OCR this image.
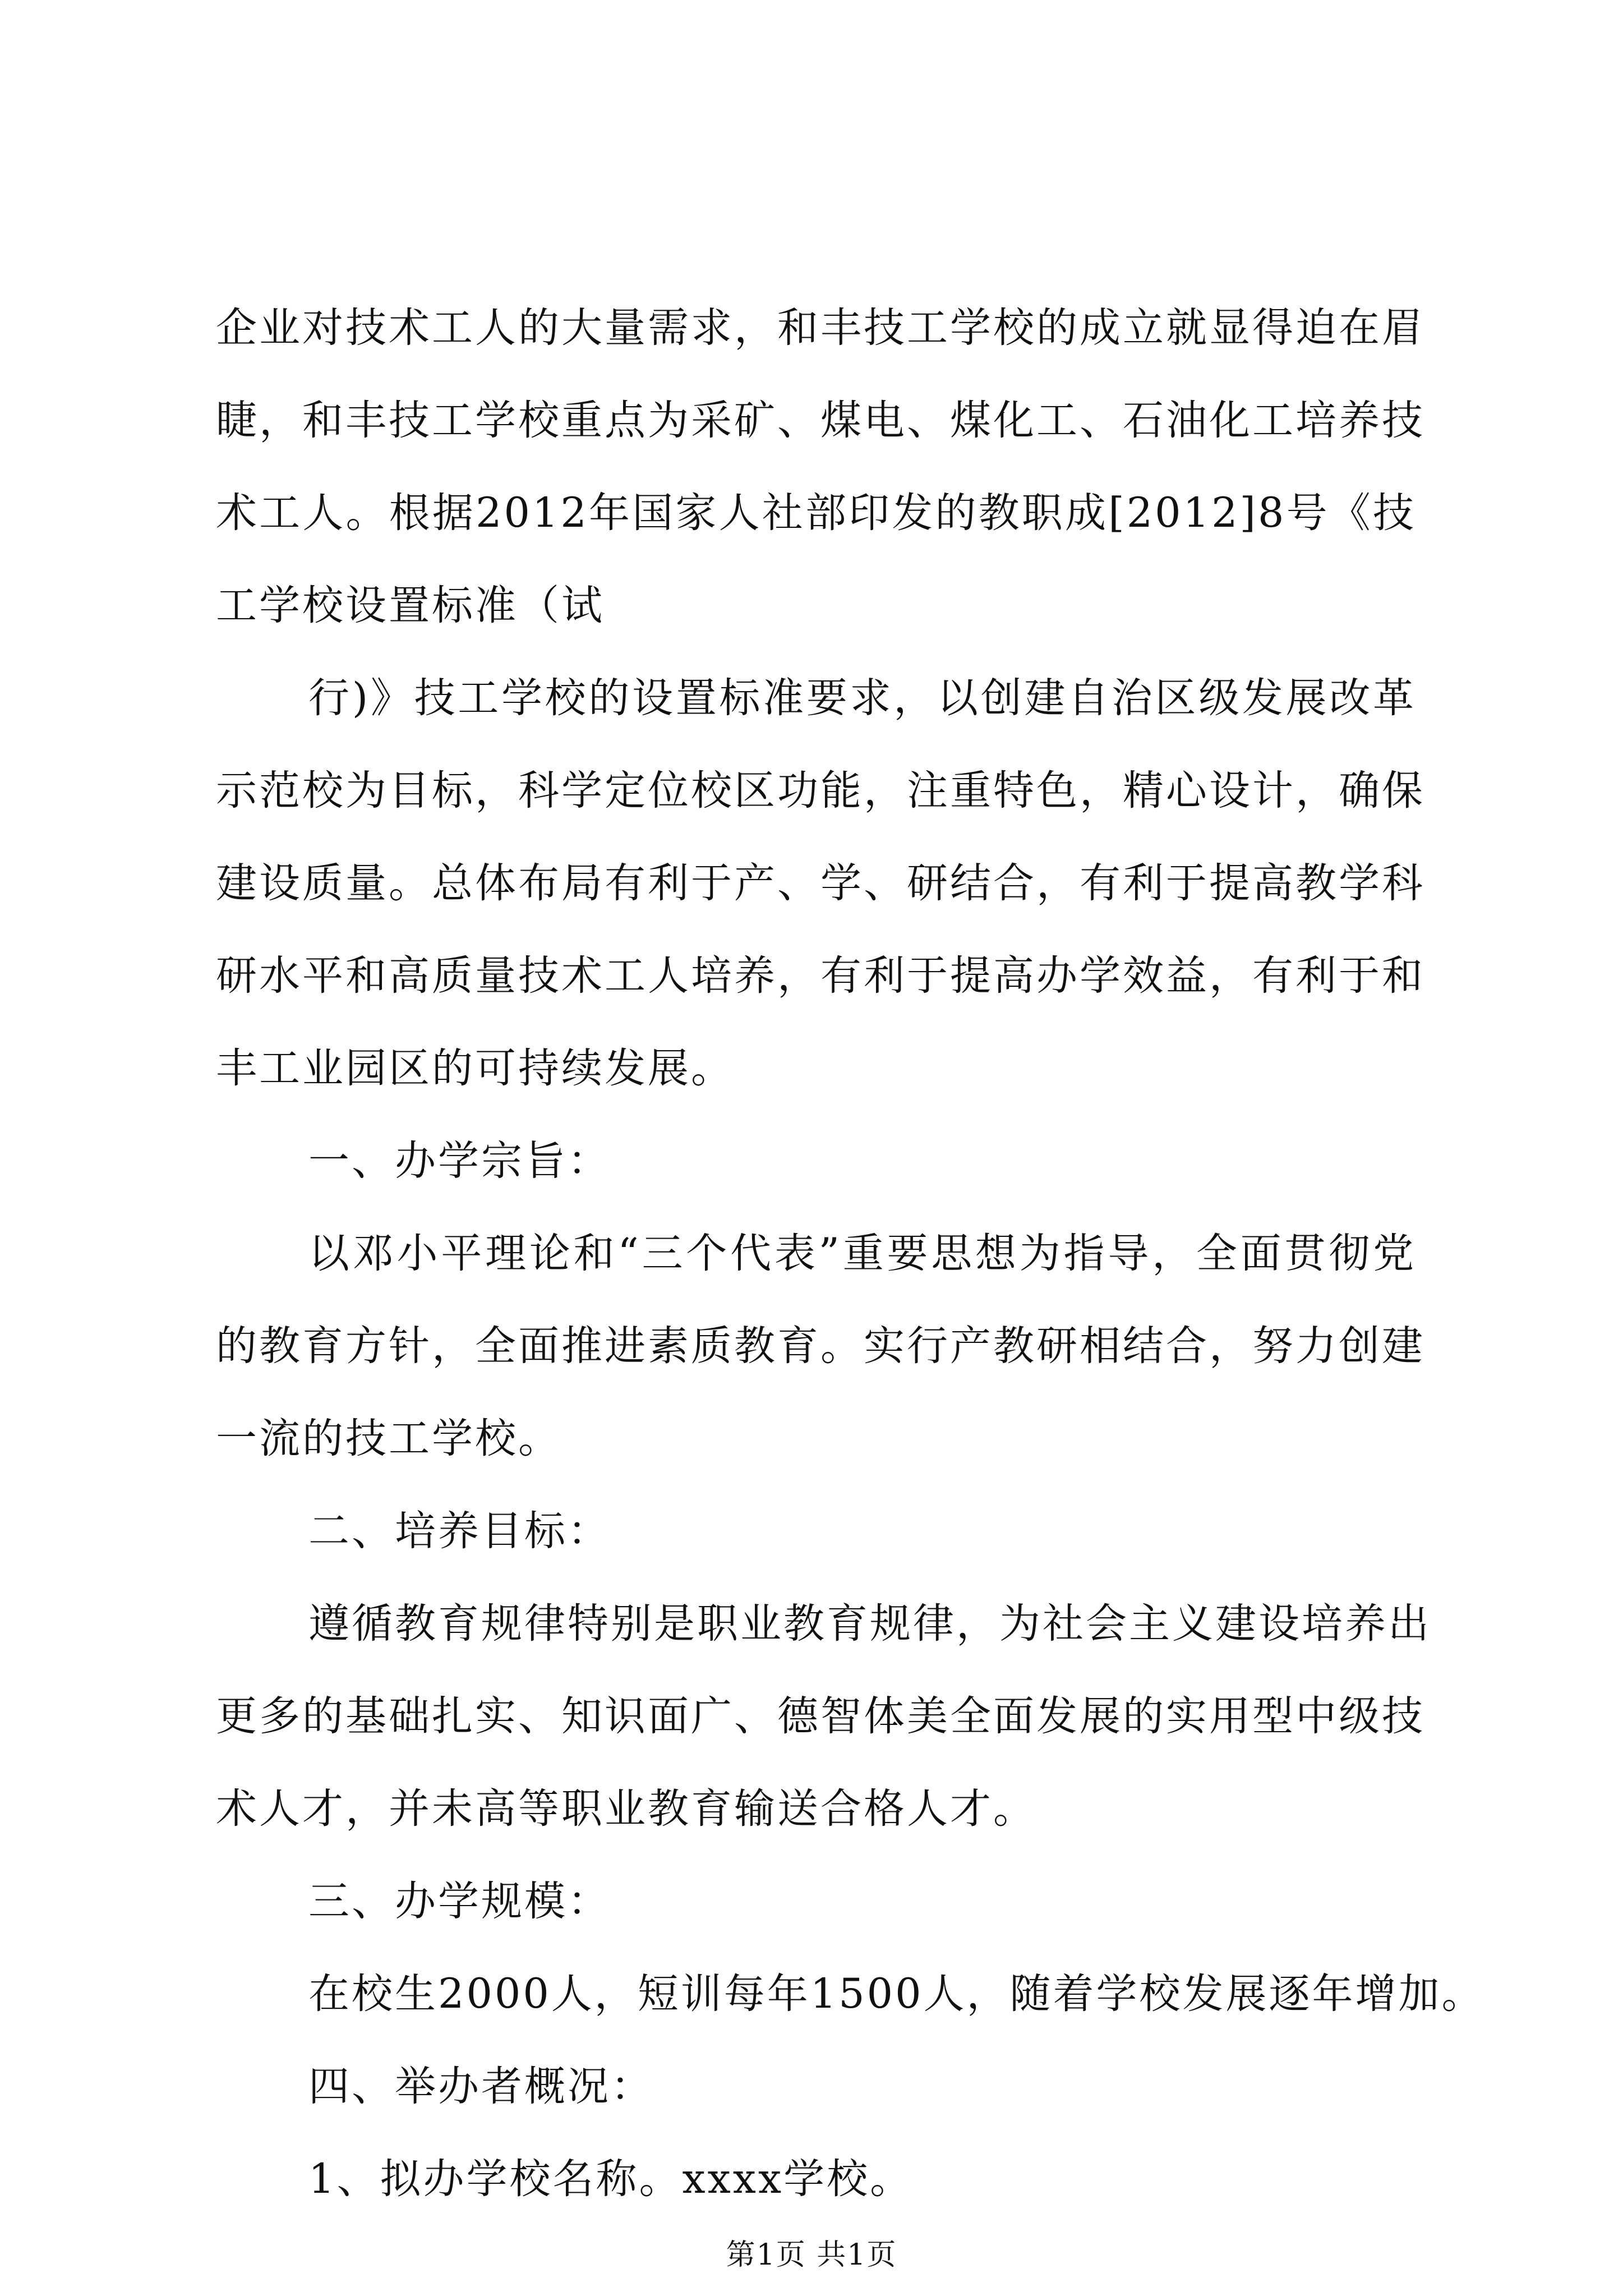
企业对技术工人的大量需求，和丰技工学校的成立就显得迫在眉
睫，和丰技工学校重点为采矿、煤电、煤化工、石油化工培养技
术工人。根据2012年国家人社部印发的教职成[2012]8号《技
工学校设置标准（试
行)》技工学校的设置标准要求，以创建自治区级发展改革
示范校为目标，科学定位校区功能，注重特色，精心设计，确保
建设质量。总体布局有利于产、学、研结合，有利于提高教学科
研水平和高质量技术工人培养，有利于提高办学效益，有利于和
丰工业园区的可持续发展。
一、办学宗旨：
以邓小平理论和“三个代表”重要思想为指导，全面贯彻党
的教育方针，全面推进素质教育。实行产教研相结合，努力创建
一流的技工学校。
二、培养目标：
遵循教育规律特别是职业教育规律，为社会主义建设培养出
更多的基础扎实、知识面广、德智体美全面发展的实用型中级技
术人才，并未高等职业教育输送合格人才。
三、办学规模：
在校生2000人，短训每年1500人，随着学校发展逐年增加。
四、举办者概况：
1、拟办学校名称。xxxx学校。
第1页 共1页
